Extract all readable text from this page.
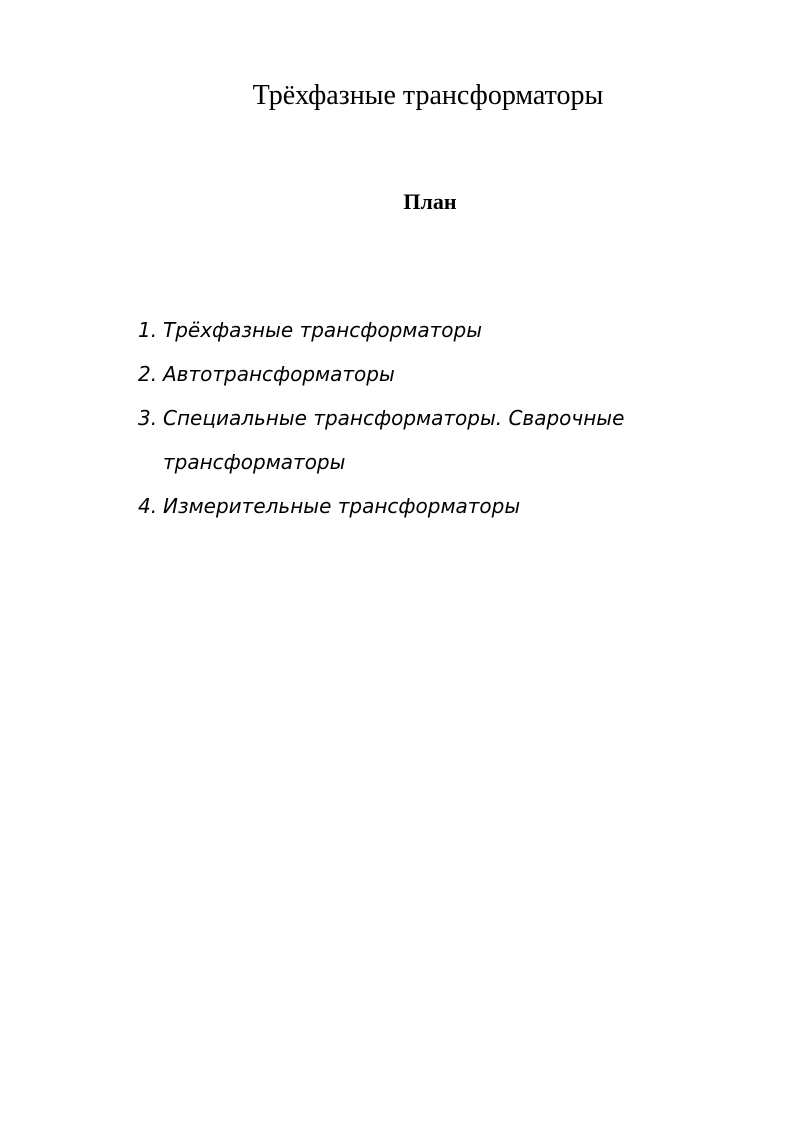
Трёхфазные трансформаторы
План
1. Трёхфазные трансформаторы
2. Автотрансформаторы
3. Специальные трансформаторы. Сварочные трансформаторы
4. Измерительные трансформаторы
